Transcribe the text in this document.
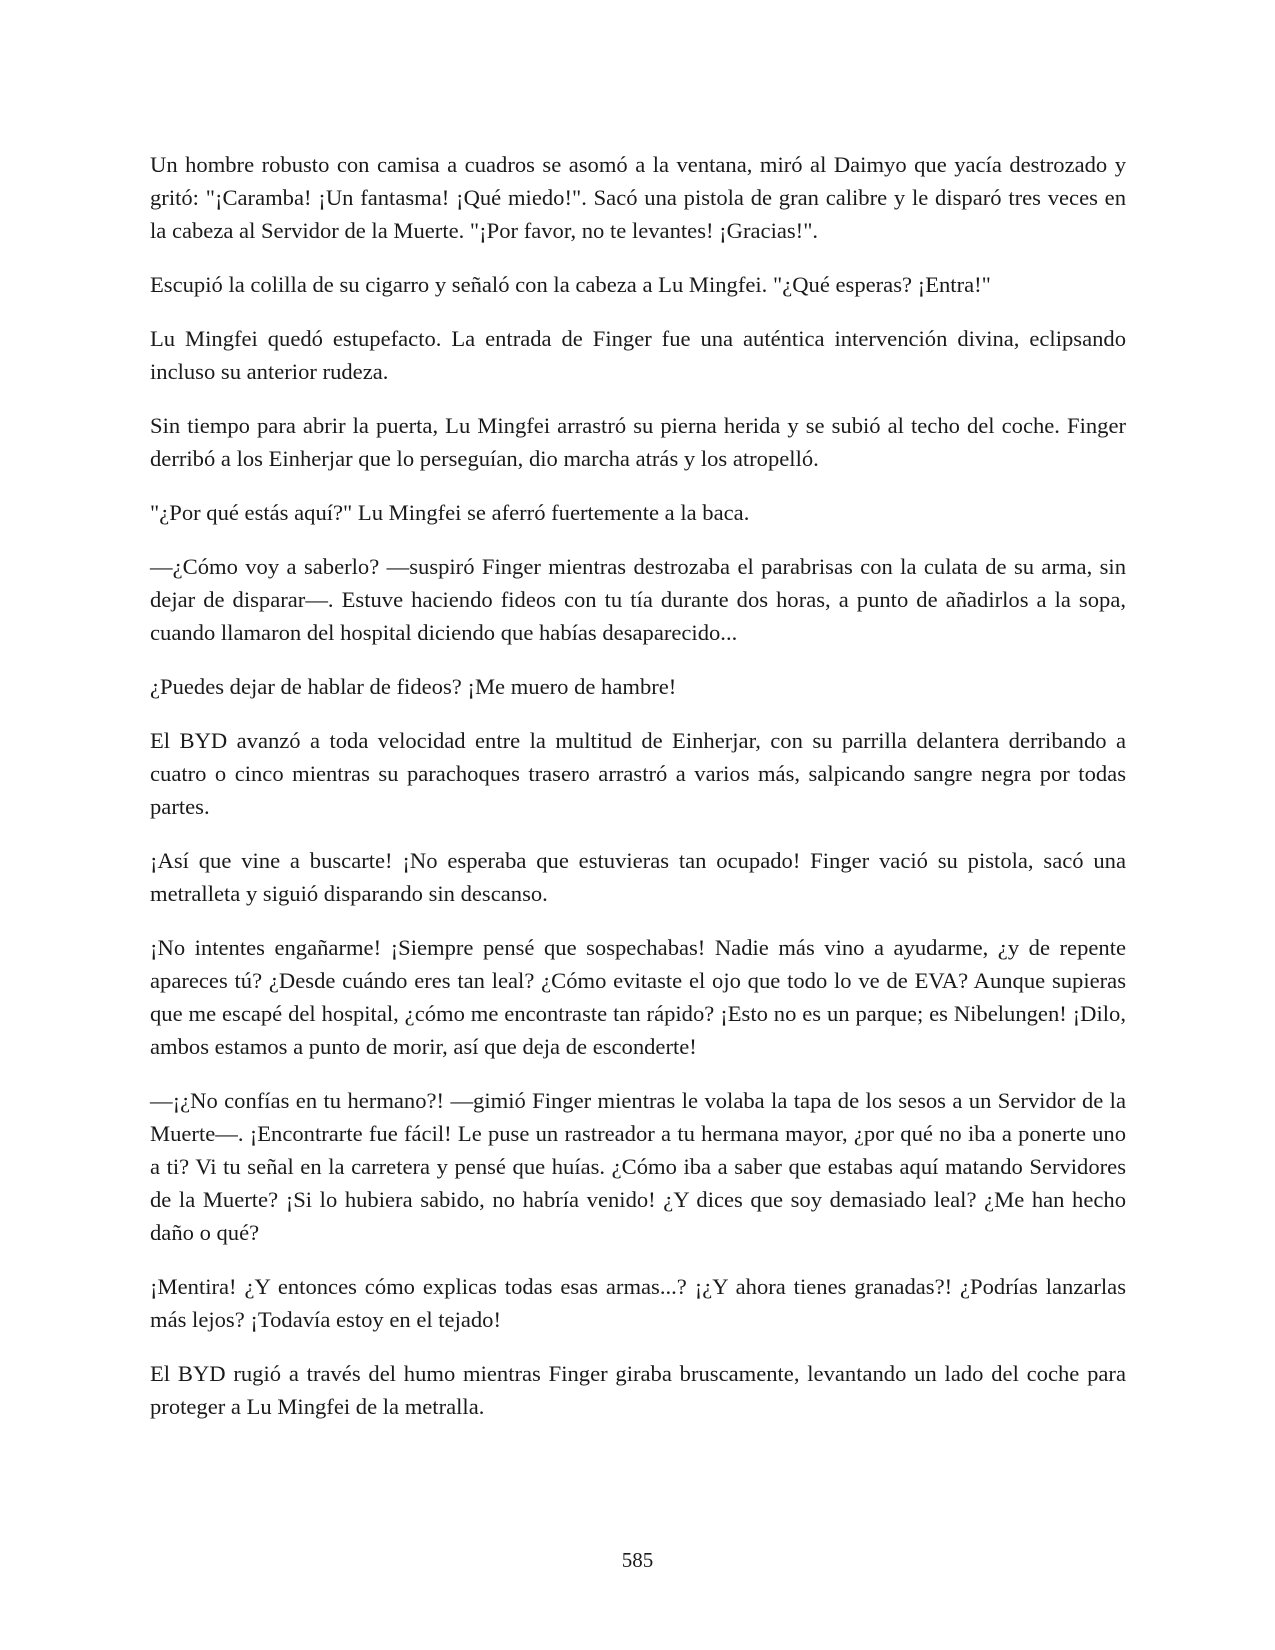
Un hombre robusto con camisa a cuadros se asomó a la ventana, miró al Daimyo que yacía destrozado y gritó: "¡Caramba! ¡Un fantasma! ¡Qué miedo!". Sacó una pistola de gran calibre y le disparó tres veces en la cabeza al Servidor de la Muerte. "¡Por favor, no te levantes! ¡Gracias!".

Escupió la colilla de su cigarro y señaló con la cabeza a Lu Mingfei. "¿Qué esperas? ¡Entra!"

Lu Mingfei quedó estupefacto. La entrada de Finger fue una auténtica intervención divina, eclipsando incluso su anterior rudeza.

Sin tiempo para abrir la puerta, Lu Mingfei arrastró su pierna herida y se subió al techo del coche. Finger derribó a los Einherjar que lo perseguían, dio marcha atrás y los atropelló.

"¿Por qué estás aquí?" Lu Mingfei se aferró fuertemente a la baca.

—¿Cómo voy a saberlo? —suspiró Finger mientras destrozaba el parabrisas con la culata de su arma, sin dejar de disparar—. Estuve haciendo fideos con tu tía durante dos horas, a punto de añadirlos a la sopa, cuando llamaron del hospital diciendo que habías desaparecido...

¿Puedes dejar de hablar de fideos? ¡Me muero de hambre!

El BYD avanzó a toda velocidad entre la multitud de Einherjar, con su parrilla delantera derribando a cuatro o cinco mientras su parachoques trasero arrastró a varios más, salpicando sangre negra por todas partes.

¡Así que vine a buscarte! ¡No esperaba que estuvieras tan ocupado! Finger vació su pistola, sacó una metralleta y siguió disparando sin descanso.

¡No intentes engañarme! ¡Siempre pensé que sospechabas! Nadie más vino a ayudarme, ¿y de repente apareces tú? ¿Desde cuándo eres tan leal? ¿Cómo evitaste el ojo que todo lo ve de EVA? Aunque supieras que me escapé del hospital, ¿cómo me encontraste tan rápido? ¡Esto no es un parque; es Nibelungen! ¡Dilo, ambos estamos a punto de morir, así que deja de esconderte!

—¡¿No confías en tu hermano?! —gimió Finger mientras le volaba la tapa de los sesos a un Servidor de la Muerte—. ¡Encontrarte fue fácil! Le puse un rastreador a tu hermana mayor, ¿por qué no iba a ponerte uno a ti? Vi tu señal en la carretera y pensé que huías. ¿Cómo iba a saber que estabas aquí matando Servidores de la Muerte? ¡Si lo hubiera sabido, no habría venido! ¿Y dices que soy demasiado leal? ¿Me han hecho daño o qué?

¡Mentira! ¿Y entonces cómo explicas todas esas armas...? ¡¿Y ahora tienes granadas?! ¿Podrías lanzarlas más lejos? ¡Todavía estoy en el tejado!

El BYD rugió a través del humo mientras Finger giraba bruscamente, levantando un lado del coche para proteger a Lu Mingfei de la metralla.

585
